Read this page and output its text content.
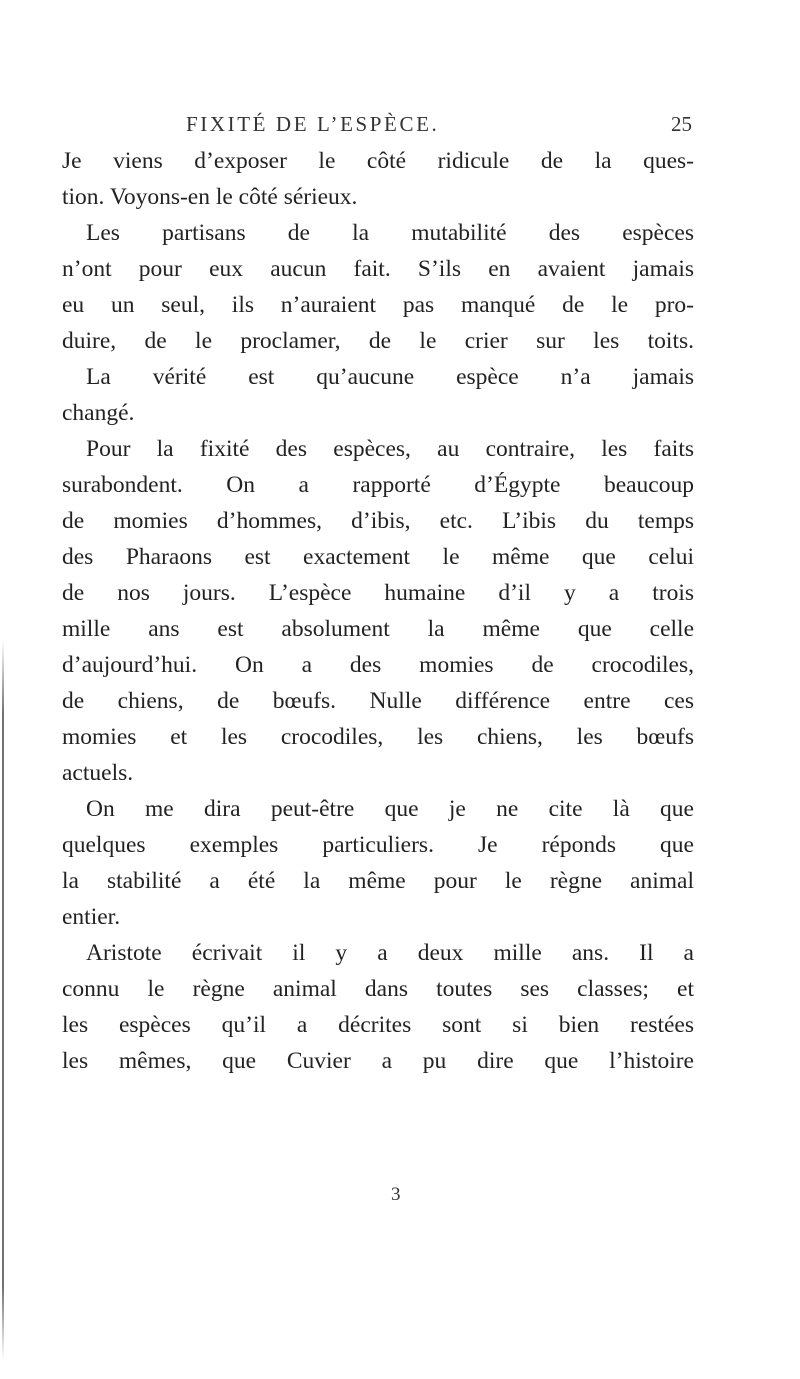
FIXITÉ DE L’ESPÈCE.	25
Je viens d’exposer le côté ridicule de la ques-
tion. Voyons-en le côté sérieux.
Les partisans de la mutabilité des espèces
n’ont pour eux aucun fait. S’ils en avaient jamais
eu un seul, ils n’auraient pas manqué de le pro-
duire, de le proclamer, de le crier sur les toits.
La vérité est qu’aucune espèce n’a jamais
changé.
Pour la fixité des espèces, au contraire, les faits
surabondent. On a rapporté d’Égypte beaucoup
de momies d’hommes, d’ibis, etc. L’ibis du temps
des Pharaons est exactement le même que celui
de nos jours. L’espèce humaine d’il y a trois
mille ans est absolument la même que celle
d’aujourd’hui. On a des momies de crocodiles,
de chiens, de bœufs. Nulle différence entre ces
momies et les crocodiles, les chiens, les bœufs
actuels.
On me dira peut-être que je ne cite là que
quelques exemples particuliers. Je réponds que
la stabilité a été la même pour le règne animal
entier.
Aristote écrivait il y a deux mille ans. Il a
connu le règne animal dans toutes ses classes; et
les espèces qu’il a décrites sont si bien restées
les mêmes, que Cuvier a pu dire que l’histoire
3
